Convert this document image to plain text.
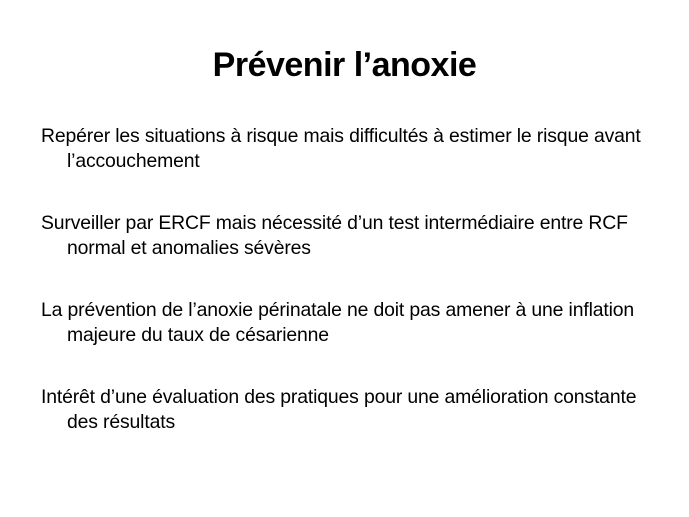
Prévenir l’anoxie

Repérer les situations à risque mais difficultés à estimer le risque avant l’accouchement

Surveiller par ERCF mais nécessité d’un test intermédiaire entre RCF normal et anomalies sévères

La prévention de l’anoxie périnatale ne doit pas amener à une inflation majeure du taux de césarienne

Intérêt d’une évaluation des pratiques pour une amélioration constante des résultats
